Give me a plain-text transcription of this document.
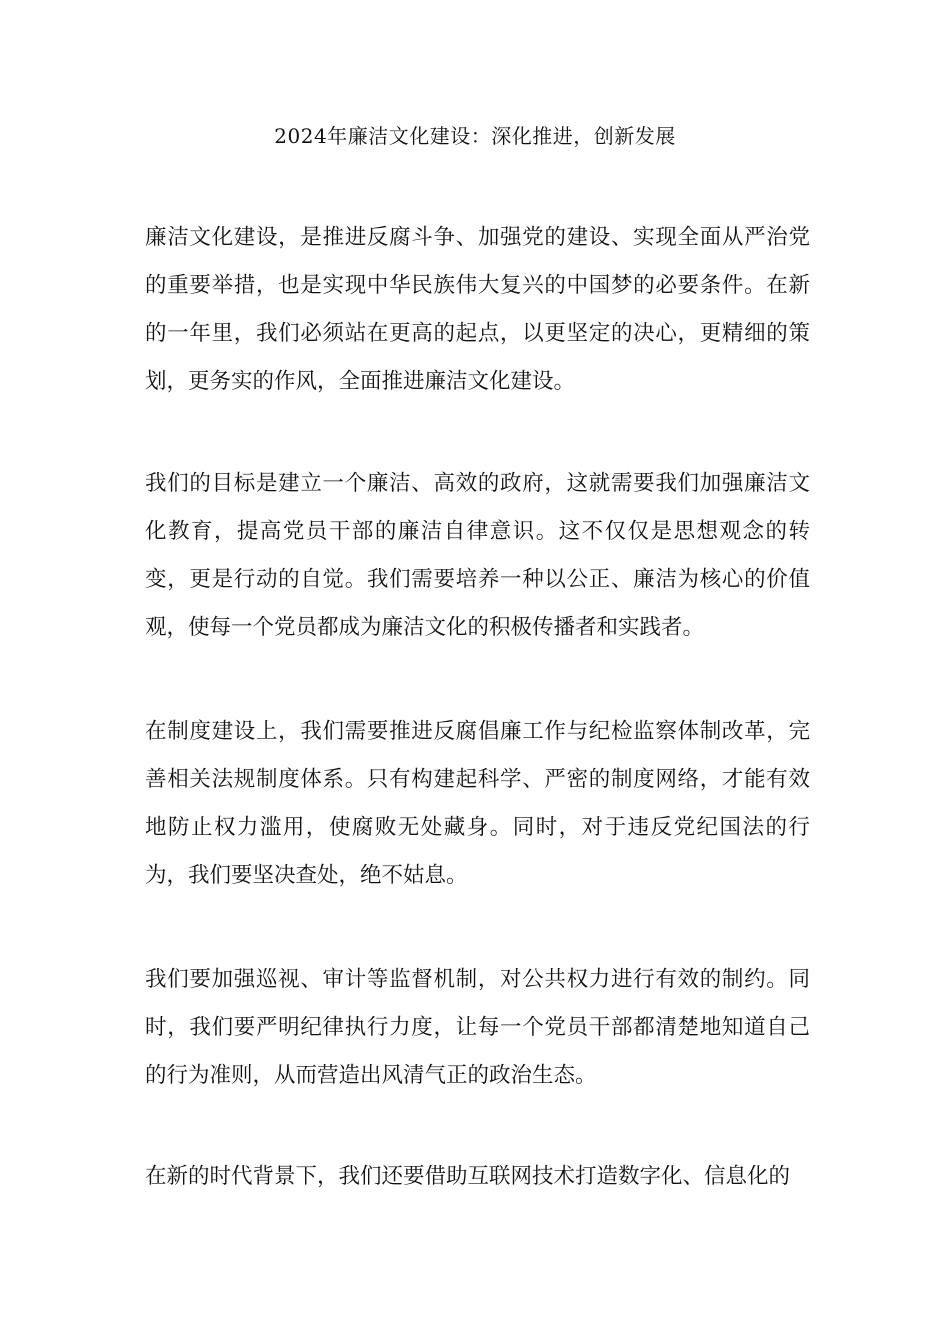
2024年廉洁文化建设：深化推进，创新发展
廉洁文化建设，是推进反腐斗争、加强党的建设、实现全面从严治党的重要举措，也是实现中华民族伟大复兴的中国梦的必要条件。在新的一年里，我们必须站在更高的起点，以更坚定的决心，更精细的策划，更务实的作风，全面推进廉洁文化建设。
我们的目标是建立一个廉洁、高效的政府，这就需要我们加强廉洁文化教育，提高党员干部的廉洁自律意识。这不仅仅是思想观念的转变，更是行动的自觉。我们需要培养一种以公正、廉洁为核心的价值观，使每一个党员都成为廉洁文化的积极传播者和实践者。
在制度建设上，我们需要推进反腐倡廉工作与纪检监察体制改革，完善相关法规制度体系。只有构建起科学、严密的制度网络，才能有效地防止权力滥用，使腐败无处藏身。同时，对于违反党纪国法的行为，我们要坚决查处，绝不姑息。
我们要加强巡视、审计等监督机制，对公共权力进行有效的制约。同时，我们要严明纪律执行力度，让每一个党员干部都清楚地知道自己的行为准则，从而营造出风清气正的政治生态。
在新的时代背景下，我们还要借助互联网技术打造数字化、信息化的
